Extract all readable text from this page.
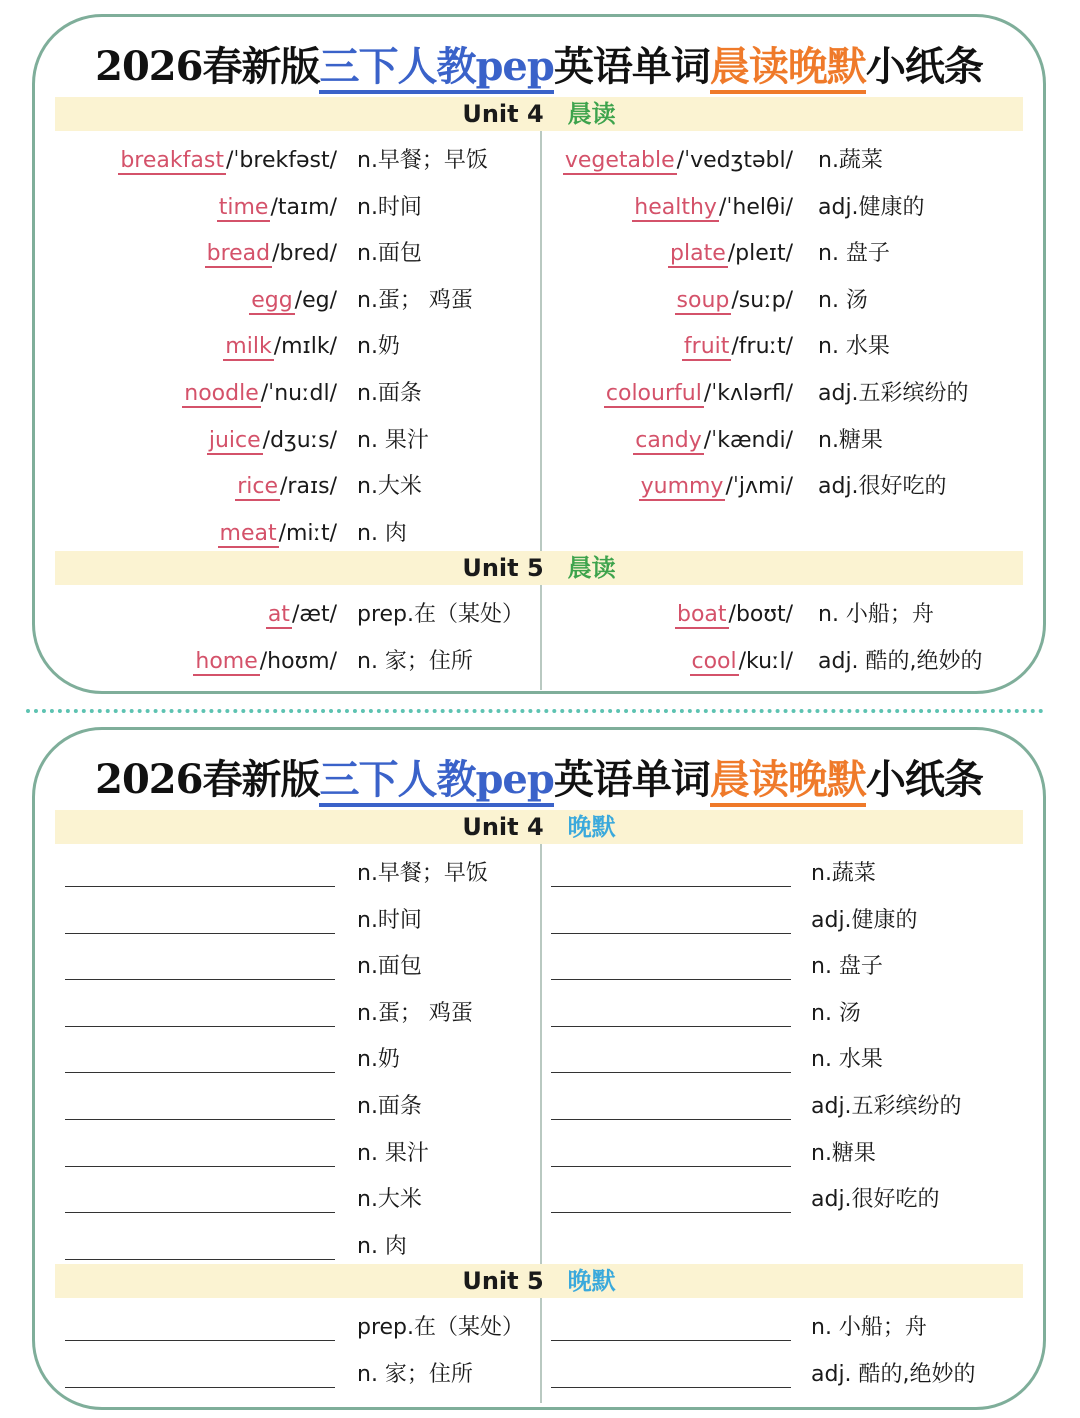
2026春新版三下人教pep英语单词晨读晚默小纸条
Unit 4 晨读
Unit 5 晨读
breakfast/ˈbrekfəst/ n.早餐；早饭
time/taɪm/ n.时间
bread/bred/ n.面包
egg/eg/ n.蛋； 鸡蛋
milk/mɪlk/ n.奶
noodle/ˈnuːdl/ n.面条
juice/dʒuːs/ n. 果汁
rice/raɪs/ n.大米
meat/miːt/ n. 肉
vegetable/ˈvedʒtəbl/ n.蔬菜
healthy/ˈhelθi/ adj.健康的
plate/pleɪt/ n. 盘子
soup/suːp/ n. 汤
fruit/fruːt/ n. 水果
colourful/ˈkʌlərfl/ adj.五彩缤纷的
candy/ˈkændi/ n.糖果
yummy/ˈjʌmi/ adj.很好吃的
at/æt/ prep.在（某处）
home/hoʊm/ n. 家；住所
boat/boʊt/ n. 小船；舟
cool/kuːl/ adj. 酷的,绝妙的
2026春新版三下人教pep英语单词晨读晚默小纸条
Unit 4 晚默
Unit 5 晚默
n.早餐；早饭
n.时间
n.面包
n.蛋； 鸡蛋
n.奶
n.面条
n. 果汁
n.大米
n. 肉
n.蔬菜
adj.健康的
n. 盘子
n. 汤
n. 水果
adj.五彩缤纷的
n.糖果
adj.很好吃的
prep.在（某处）
n. 家；住所
n. 小船；舟
adj. 酷的,绝妙的
